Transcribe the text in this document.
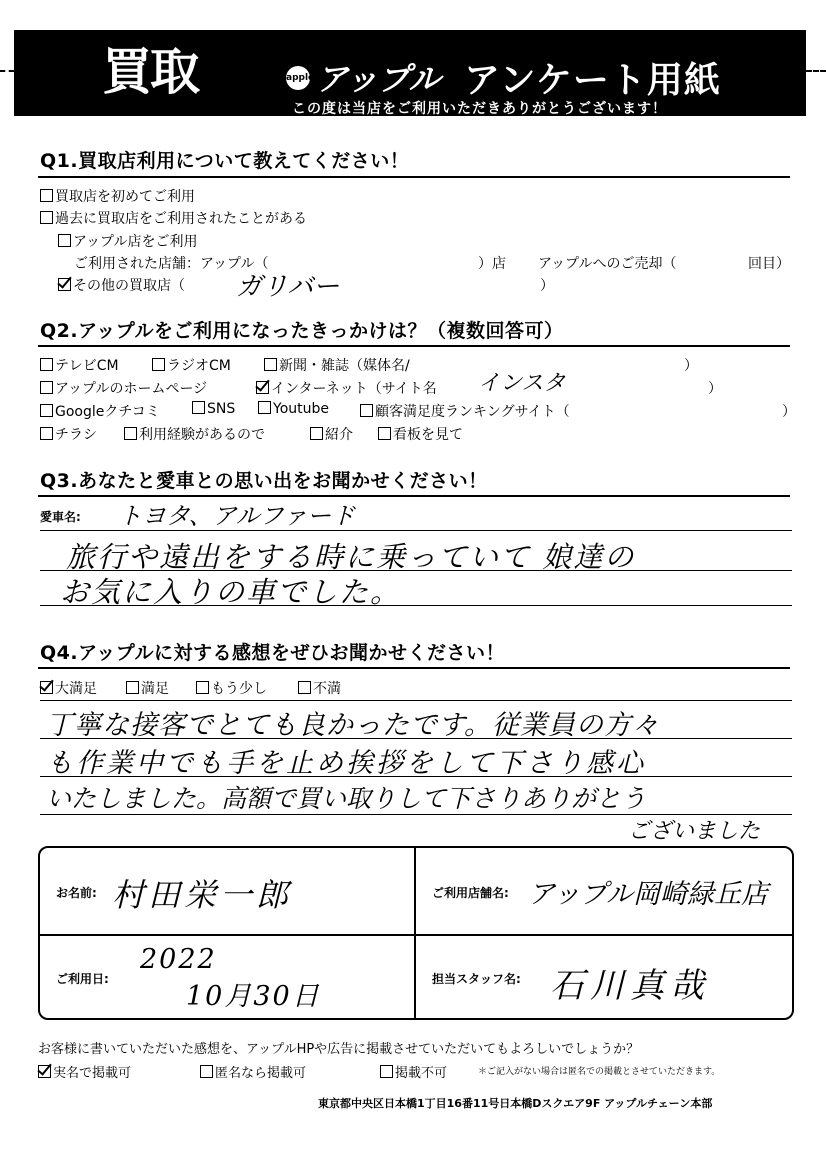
買取	apple アップル アンケート用紙
この度は当店をご利用いただきありがとうございます！
Q1.買取店利用について教えてください！
買取店を初めてご利用
過去に買取店をご利用されたことがある
アップル店をご利用
ご利用された店舗：アップル（	）店 アップルへのご売却（	回目）
その他の買取店（ ガリバー	）
Q2.アップルをご利用になったきっかけは？（複数回答可）
テレビCM	ラジオCM	新聞・雑誌（媒体名/	）
アップルのホームページ	インターネット（サイト名 インスタ	）
Googleクチコミ	SNS	Youtube	顧客満足度ランキングサイト（	）
チラシ	利用経験があるので	紹介	看板を見て
Q3.あなたと愛車との思い出をお聞かせください！
愛車名: トヨタ、アルファード
旅行や遠出をする時に乗っていて 娘達の
お気に入りの車でした。
Q4.アップルに対する感想をぜひお聞かせください！
大満足	満足	もう少し	不満
丁寧な接客でとても良かったです。従業員の方々
も作業中でも手を止め挨拶をして下さり感心
いたしました。高額で買い取りして下さりありがとう
ございました
お名前: 村田栄一郎	ご利用店舗名: アップル岡崎緑丘店
ご利用日:
2022
10月30日
担当スタッフ名: 石川真哉
お客様に書いていただいた感想を、アップルHPや広告に掲載させていただいてもよろしいでしょうか？
実名で掲載可	匿名なら掲載可	掲載不可	＊ご記入がない場合は匿名での掲載とさせていただきます。
東京都中央区日本橋1丁目16番11号日本橋Dスクエア9F アップルチェーン本部
